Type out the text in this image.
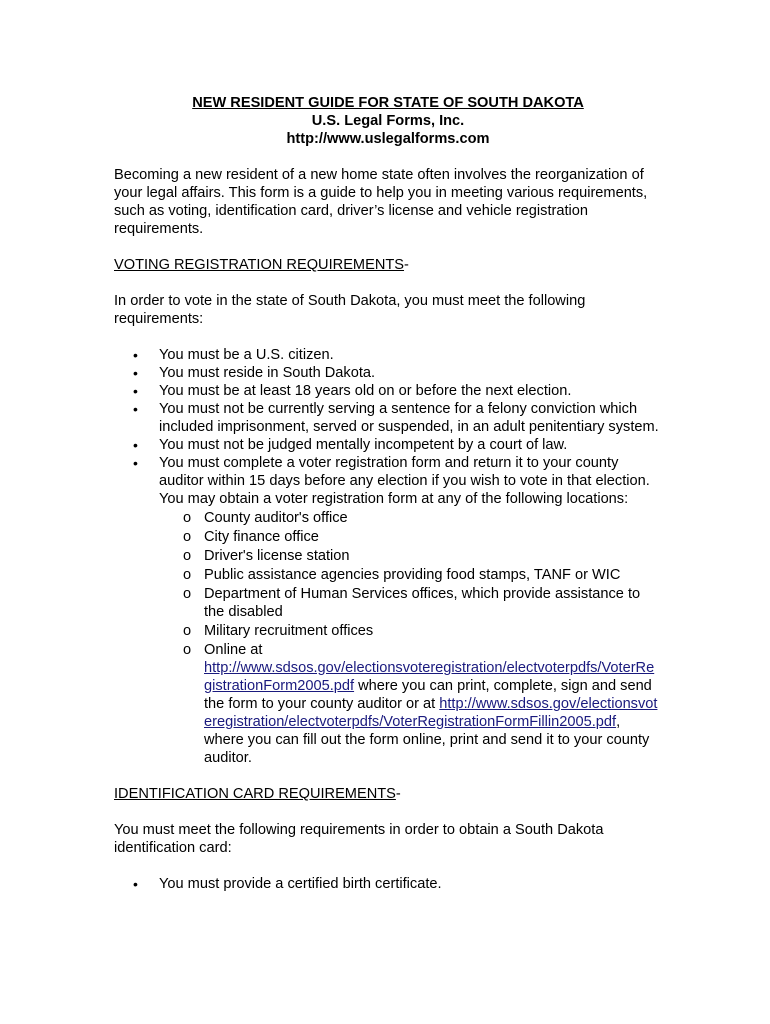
NEW RESIDENT GUIDE FOR STATE OF SOUTH DAKOTA
U.S. Legal Forms, Inc.
http://www.uslegalforms.com

Becoming a new resident of a new home state often involves the reorganization of your legal affairs. This form is a guide to help you in meeting various requirements, such as voting, identification card, driver’s license and vehicle registration requirements.

VOTING REGISTRATION REQUIREMENTS-

In order to vote in the state of South Dakota, you must meet the following requirements:

• You must be a U.S. citizen.
• You must reside in South Dakota.
• You must be at least 18 years old on or before the next election.
• You must not be currently serving a sentence for a felony conviction which included imprisonment, served or suspended, in an adult penitentiary system.
• You must not be judged mentally incompetent by a court of law.
• You must complete a voter registration form and return it to your county auditor within 15 days before any election if you wish to vote in that election. You may obtain a voter registration form at any of the following locations:
o County auditor's office
o City finance office
o Driver's license station
o Public assistance agencies providing food stamps, TANF or WIC
o Department of Human Services offices, which provide assistance to the disabled
o Military recruitment offices
o Online at
http://www.sdsos.gov/electionsvoteregistration/electvoterpdfs/VoterRegistrationForm2005.pdf where you can print, complete, sign and send the form to your county auditor or at http://www.sdsos.gov/electionsvoteregistration/electvoterpdfs/VoterRegistrationFormFillin2005.pdf, where you can fill out the form online, print and send it to your county auditor.

IDENTIFICATION CARD REQUIREMENTS-

You must meet the following requirements in order to obtain a South Dakota identification card:

• You must provide a certified birth certificate.
